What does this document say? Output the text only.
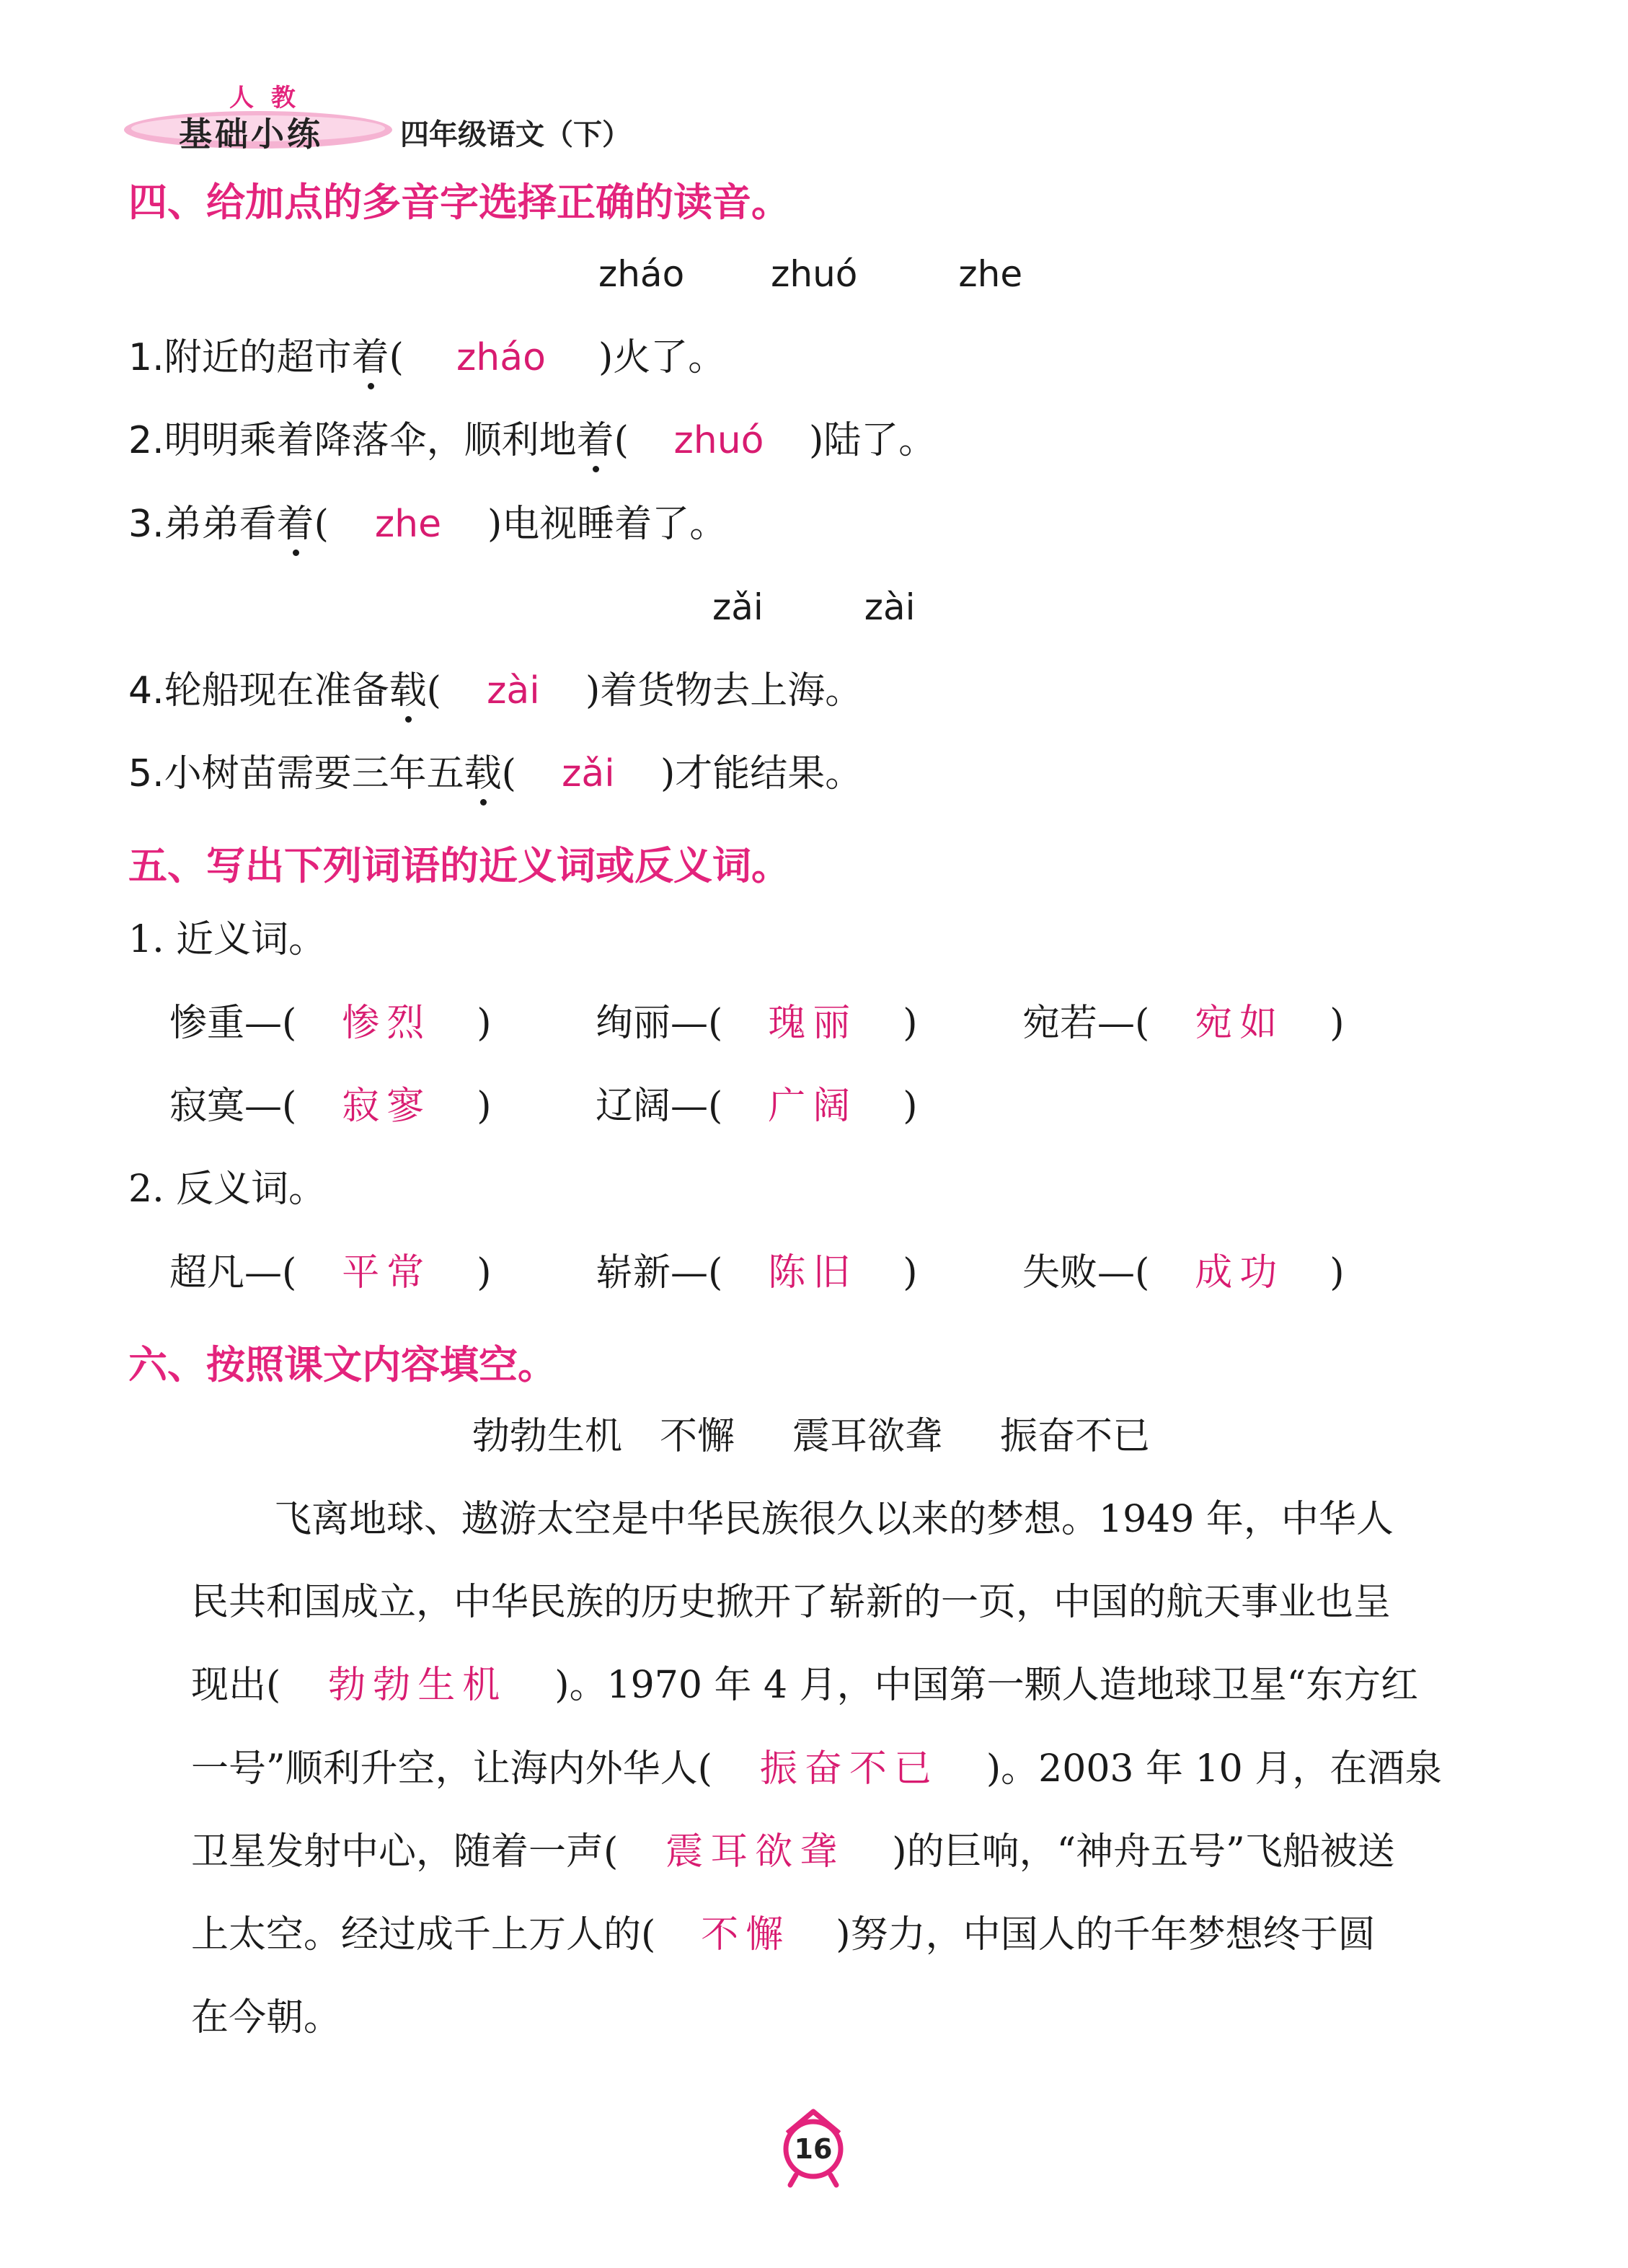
人 教
基础小练	四年级语文（下）
四、给加点的多音字选择正确的读音。
zháo zhuó	zhe
1.附近的超市着( zháo )火了。
2.明明乘着降落伞，顺利地着( zhuó )陆了。
3.弟弟看着( zhe )电视睡着了。
zǎi	zài
4.轮船现在准备载( zài )着货物去上海。
5.小树苗需要三年五载( zǎi )才能结果。
五、写出下列词语的近义词或反义词。
1. 近义词。
惨重—( 惨烈 )	绚丽—( 瑰丽 )	宛若—( 宛如 )
寂寞—( 寂寥 )	辽阔—( 广阔 )
2. 反义词。
超凡—( 平常 )	崭新—( 陈旧 )	失败—( 成功 )
六、按照课文内容填空。
勃勃生机 不懈 震耳欲聋 振奋不已
飞离地球、遨游太空是中华民族很久以来的梦想。1949 年，中华人
民共和国成立，中华民族的历史掀开了崭新的一页，中国的航天事业也呈
现出( 勃勃生机 )。1970 年 4 月，中国第一颗人造地球卫星“东方红
一号”顺利升空，让海内外华人( 振奋不已 )。2003 年 10 月，在酒泉
卫星发射中心，随着一声( 震耳欲聋 )的巨响，“神舟五号”飞船被送
上太空。经过成千上万人的( 不懈 )努力，中国人的千年梦想终于圆
在今朝。
16
